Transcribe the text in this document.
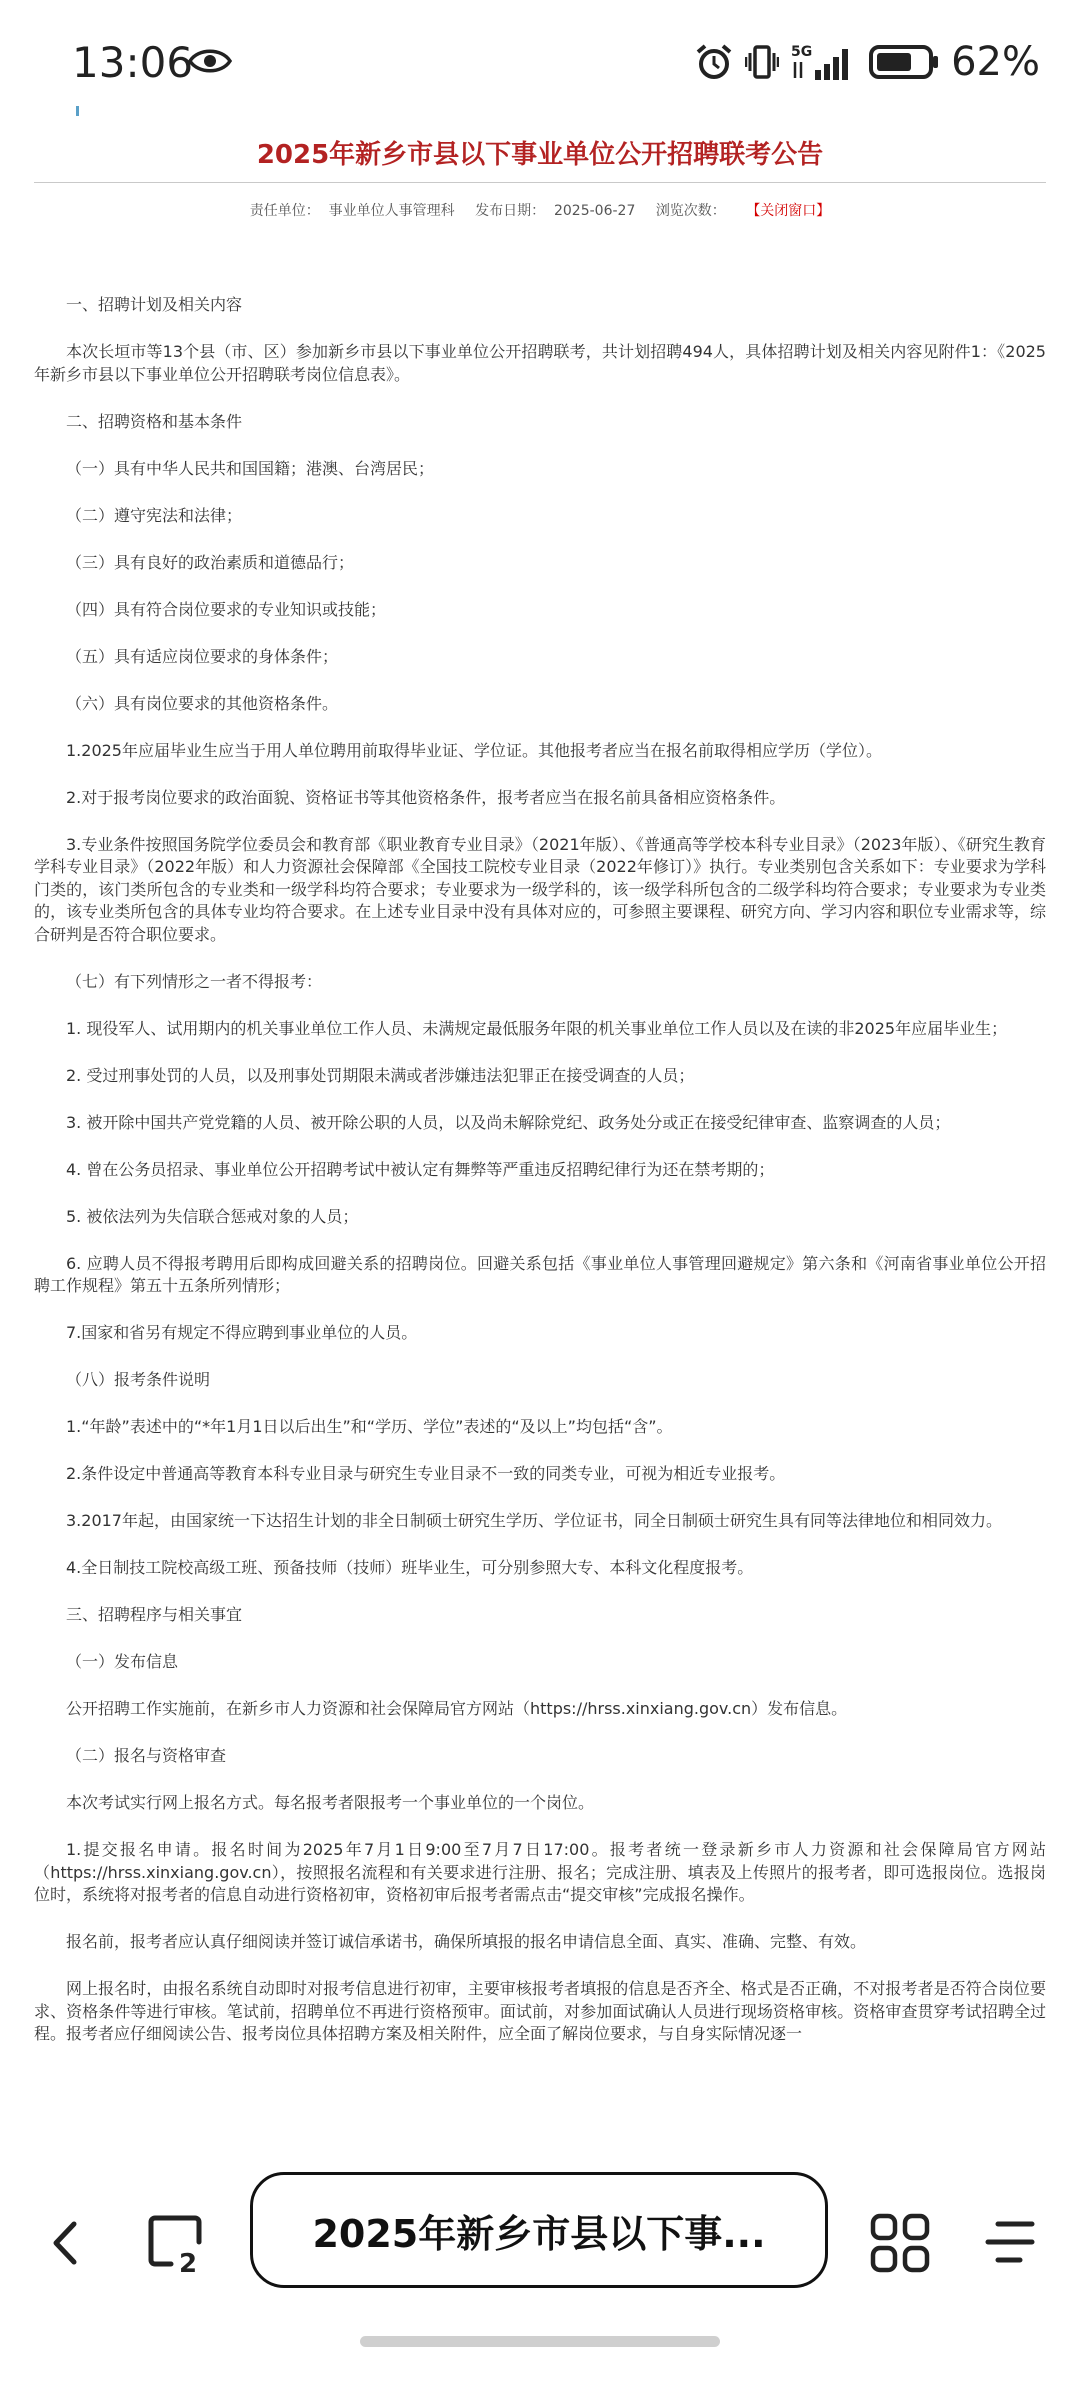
13:06	5G	62%
2025年新乡市县以下事业单位公开招聘联考公告
责任单位： 事业单位人事管理科 发布日期： 2025-06-27 浏览次数： 【关闭窗口】

一、招聘计划及相关内容

本次长垣市等13个县（市、区）参加新乡市县以下事业单位公开招聘联考，共计划招聘494人，具体招聘计划及相关内容见附件1：《2025年新乡市县以下事业单位公开招聘联考岗位信息表》。

二、招聘资格和基本条件

（一）具有中华人民共和国国籍；港澳、台湾居民；

（二）遵守宪法和法律；

（三）具有良好的政治素质和道德品行；

（四）具有符合岗位要求的专业知识或技能；

（五）具有适应岗位要求的身体条件；

（六）具有岗位要求的其他资格条件。

1.2025年应届毕业生应当于用人单位聘用前取得毕业证、学位证。其他报考者应当在报名前取得相应学历（学位）。

2.对于报考岗位要求的政治面貌、资格证书等其他资格条件，报考者应当在报名前具备相应资格条件。

3.专业条件按照国务院学位委员会和教育部《职业教育专业目录》（2021年版）、《普通高等学校本科专业目录》（2023年版）、《研究生教育学科专业目录》（2022年版）和人力资源社会保障部《全国技工院校专业目录（2022年修订）》执行。专业类别包含关系如下：专业要求为学科门类的，该门类所包含的专业类和一级学科均符合要求；专业要求为一级学科的，该一级学科所包含的二级学科均符合要求；专业要求为专业类的，该专业类所包含的具体专业均符合要求。在上述专业目录中没有具体对应的，可参照主要课程、研究方向、学习内容和职位专业需求等，综合研判是否符合职位要求。

（七）有下列情形之一者不得报考：

1. 现役军人、试用期内的机关事业单位工作人员、未满规定最低服务年限的机关事业单位工作人员以及在读的非2025年应届毕业生；

2. 受过刑事处罚的人员，以及刑事处罚期限未满或者涉嫌违法犯罪正在接受调查的人员；

3. 被开除中国共产党党籍的人员、被开除公职的人员，以及尚未解除党纪、政务处分或正在接受纪律审查、监察调查的人员；

4. 曾在公务员招录、事业单位公开招聘考试中被认定有舞弊等严重违反招聘纪律行为还在禁考期的；

5. 被依法列为失信联合惩戒对象的人员；

6. 应聘人员不得报考聘用后即构成回避关系的招聘岗位。回避关系包括《事业单位人事管理回避规定》第六条和《河南省事业单位公开招聘工作规程》第五十五条所列情形；

7.国家和省另有规定不得应聘到事业单位的人员。

（八）报考条件说明

1.“年龄”表述中的“*年1月1日以后出生”和“学历、学位”表述的“及以上”均包括“含”。

2.条件设定中普通高等教育本科专业目录与研究生专业目录不一致的同类专业，可视为相近专业报考。

3.2017年起，由国家统一下达招生计划的非全日制硕士研究生学历、学位证书，同全日制硕士研究生具有同等法律地位和相同效力。

4.全日制技工院校高级工班、预备技师（技师）班毕业生，可分别参照大专、本科文化程度报考。

三、招聘程序与相关事宜

（一）发布信息

公开招聘工作实施前，在新乡市人力资源和社会保障局官方网站（https://hrss.xinxiang.gov.cn）发布信息。

（二）报名与资格审查

本次考试实行网上报名方式。每名报考者限报考一个事业单位的一个岗位。

1.提交报名申请。报名时间为2025年7月1日9:00至7月7日17:00。报考者统一登录新乡市人力资源和社会保障局官方网站（https://hrss.xinxiang.gov.cn），按照报名流程和有关要求进行注册、报名；完成注册、填表及上传照片的报考者，即可选报岗位。选报岗位时，系统将对报考者的信息自动进行资格初审，资格初审后报考者需点击“提交审核”完成报名操作。

报名前，报考者应认真仔细阅读并签订诚信承诺书，确保所填报的报名申请信息全面、真实、准确、完整、有效。

网上报名时，由报名系统自动即时对报考信息进行初审，主要审核报考者填报的信息是否齐全、格式是否正确，不对报考者是否符合岗位要求、资格条件等进行审核。笔试前，招聘单位不再进行资格预审。面试前，对参加面试确认人员进行现场资格审核。资格审查贯穿考试招聘全过程。报考者应仔细阅读公告、报考岗位具体招聘方案及相关附件，应全面了解岗位要求，与自身实际情况逐一

2
2025年新乡市县以下事...
